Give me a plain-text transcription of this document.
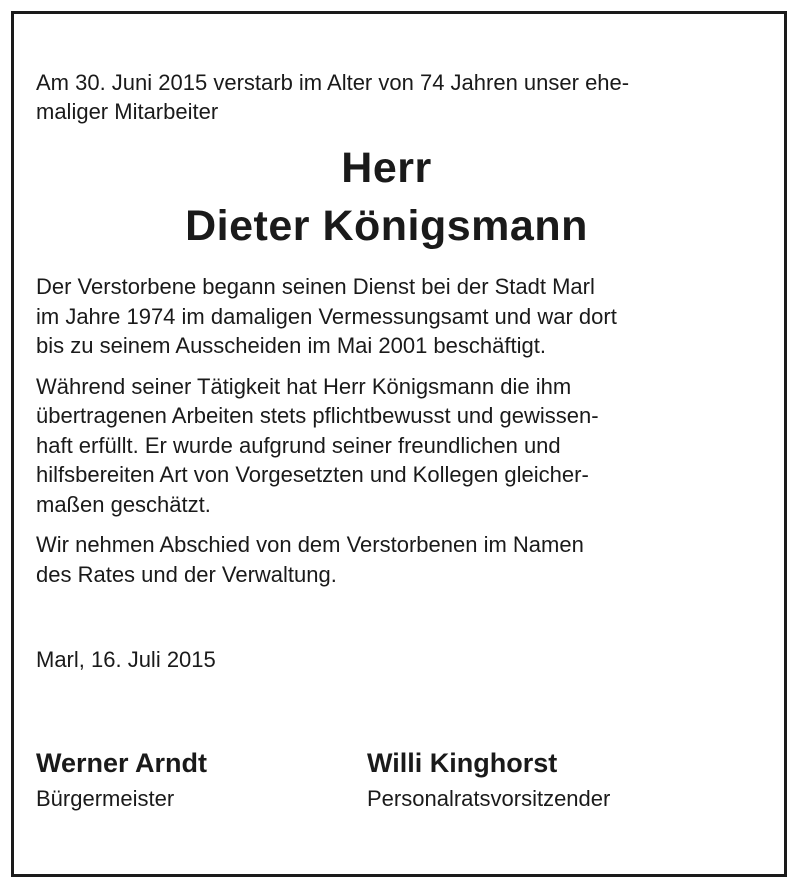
Am 30. Juni 2015 verstarb im Alter von 74 Jahren unser ehe-
maliger Mitarbeiter

Herr
Dieter Königsmann

Der Verstorbene begann seinen Dienst bei der Stadt Marl
im Jahre 1974 im damaligen Vermessungsamt und war dort
bis zu seinem Ausscheiden im Mai 2001 beschäftigt.

Während seiner Tätigkeit hat Herr Königsmann die ihm
übertragenen Arbeiten stets pflichtbewusst und gewissen-
haft erfüllt. Er wurde aufgrund seiner freundlichen und
hilfsbereiten Art von Vorgesetzten und Kollegen gleicher-
maßen geschätzt.

Wir nehmen Abschied von dem Verstorbenen im Namen
des Rates und der Verwaltung.

Marl, 16. Juli 2015

Werner Arndt
Bürgermeister
Willi Kinghorst
Personalratsvorsitzender
